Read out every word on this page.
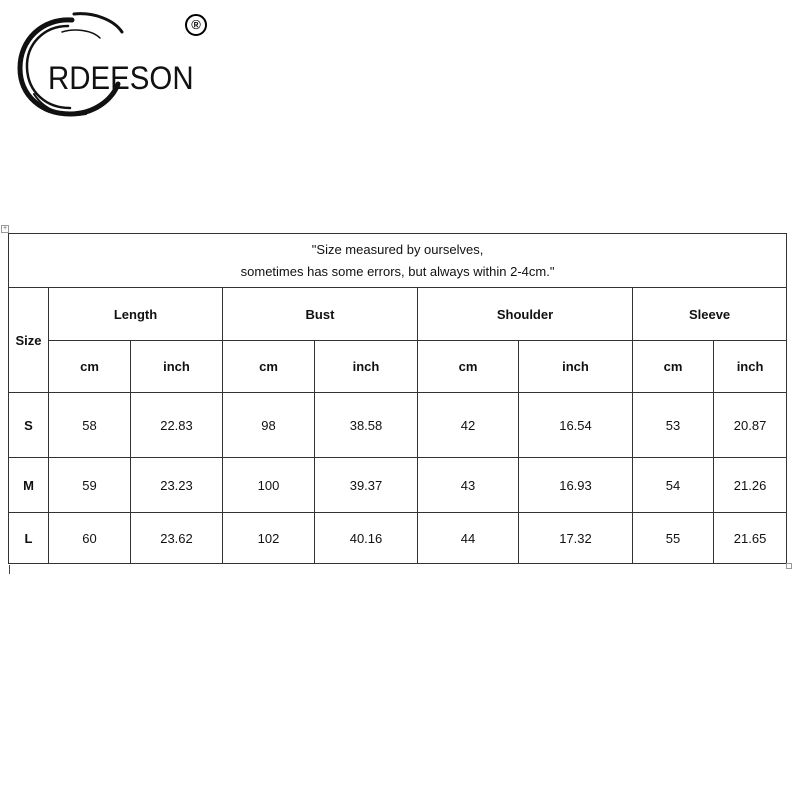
RDEESON
®
+
"Size measured by ourselves,
sometimes has some errors, but always within 2-4cm."								

Size	Length		Bust		Shoulder		Sleeve	
	cm	inch	cm	inch	cm	inch	cm	inch
S	58	22.83	98	38.58	42	16.54	53	20.87
M	59	23.23	100	39.37	43	16.93	54	21.26
L	60	23.62	102	40.16	44	17.32	55	21.65
